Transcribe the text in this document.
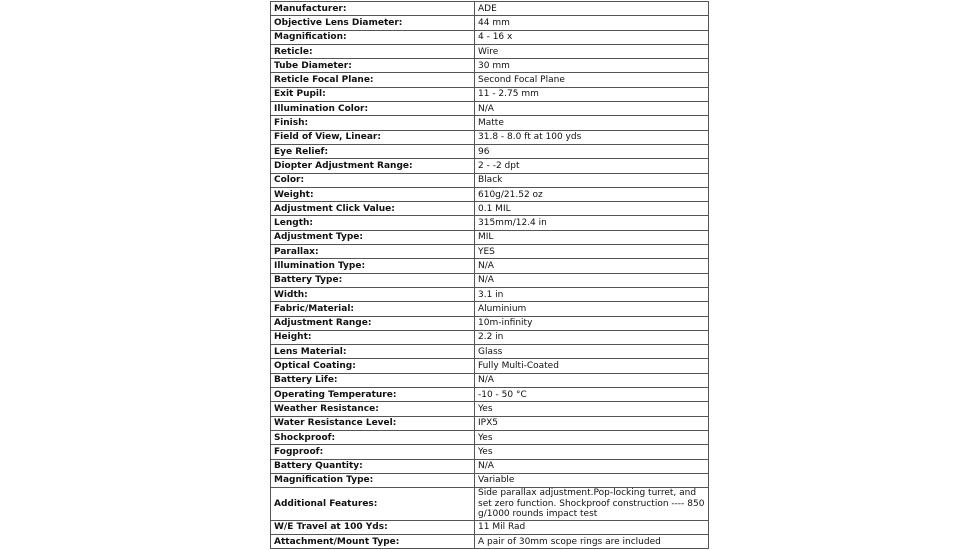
Manufacturer:	ADE
Objective Lens Diameter:	44 mm
Magnification:	4 - 16 x
Reticle:	Wire
Tube Diameter:	30 mm
Reticle Focal Plane:	Second Focal Plane
Exit Pupil:	11 - 2.75 mm
Illumination Color:	N/A
Finish:	Matte
Field of View, Linear:	31.8 - 8.0 ft at 100 yds
Eye Relief:	96
Diopter Adjustment Range:	2 - -2 dpt
Color:	Black
Weight:	610g/21.52 oz
Adjustment Click Value:	0.1 MIL
Length:	315mm/12.4 in
Adjustment Type:	MIL
Parallax:	YES
Illumination Type:	N/A
Battery Type:	N/A
Width:	3.1 in
Fabric/Material:	Aluminium
Adjustment Range:	10m-infinity
Height:	2.2 in
Lens Material:	Glass
Optical Coating:	Fully Multi-Coated
Battery Life:	N/A
Operating Temperature:	-10 - 50 °C
Weather Resistance:	Yes
Water Resistance Level:	IPX5
Shockproof:	Yes
Fogproof:	Yes
Battery Quantity:	N/A
Magnification Type:	Variable
Additional Features:	Side parallax adjustment.Pop-locking turret, and set zero function. Shockproof construction ---- 850 g/1000 rounds impact test
W/E Travel at 100 Yds:	11 Mil Rad
Attachment/Mount Type:	A pair of 30mm scope rings are included
